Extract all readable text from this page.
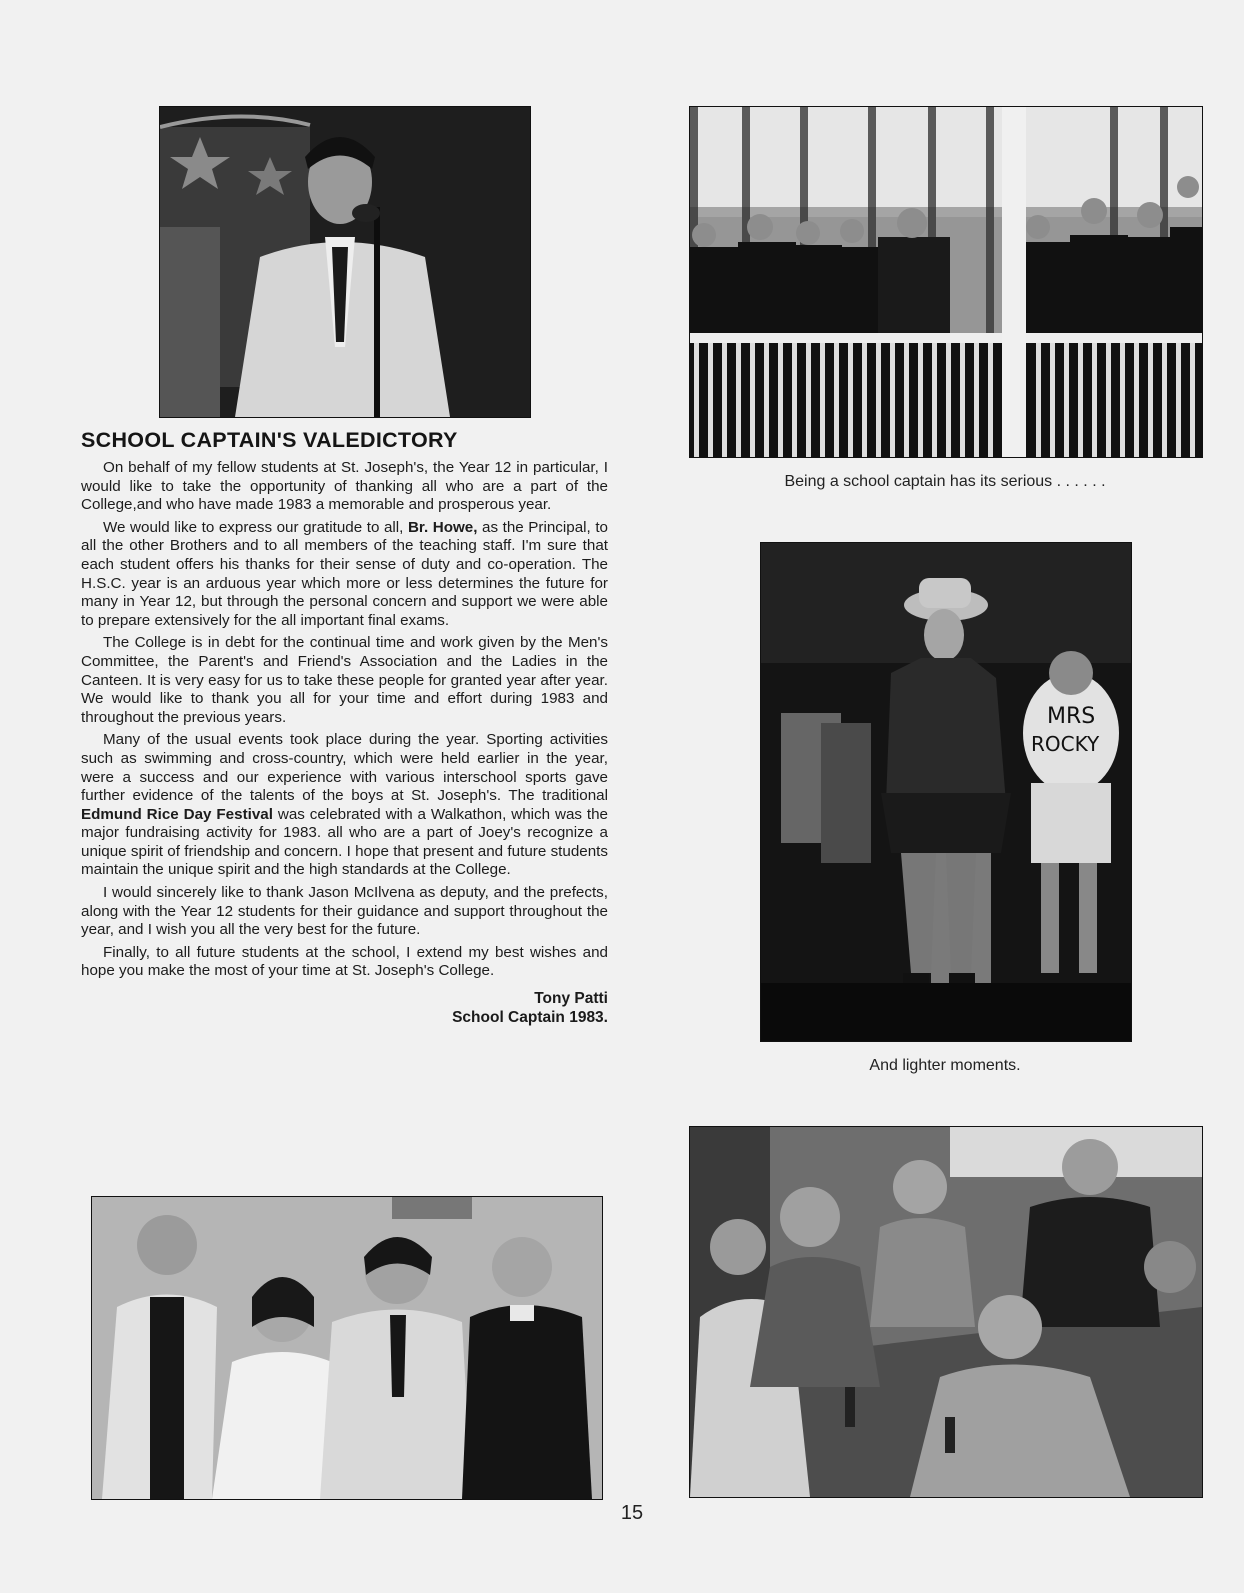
Being a school captain has its serious . . . . . .
MRS
ROCKY
And lighter moments.
SCHOOL CAPTAIN'S VALEDICTORY

On behalf of my fellow students at St. Joseph's, the Year 12 in particular, I would like to take the opportunity of thanking all who are a part of the College,and who have made 1983 a memorable and prosperous year.

We would like to express our gratitude to all, Br. Howe, as the Principal, to all the other Brothers and to all members of the teaching staff. I'm sure that each student offers his thanks for their sense of duty and co-operation. The H.S.C. year is an arduous year which more or less determines the future for many in Year 12, but through the personal concern and support we were able to prepare extensively for the all important final exams.

The College is in debt for the continual time and work given by the Men's Committee, the Parent's and Friend's Association and the Ladies in the Canteen. It is very easy for us to take these people for granted year after year. We would like to thank you all for your time and effort during 1983 and throughout the previous years.

Many of the usual events took place during the year. Sporting activities such as swimming and cross-country, which were held earlier in the year, were a success and our experience with various interschool sports gave further evidence of the talents of the boys at St. Joseph's. The traditional Edmund Rice Day Festival was celebrated with a Walkathon, which was the major fundraising activity for 1983. all who are a part of Joey's recognize a unique spirit of friendship and concern. I hope that present and future students maintain the unique spirit and the high standards at the College.

I would sincerely like to thank Jason McIlvena as deputy, and the prefects, along with the Year 12 students for their guidance and support throughout the year, and I wish you all the very best for the future.

Finally, to all future students at the school, I extend my best wishes and hope you make the most of your time at St. Joseph's College.

Tony Patti
School Captain 1983.
15
